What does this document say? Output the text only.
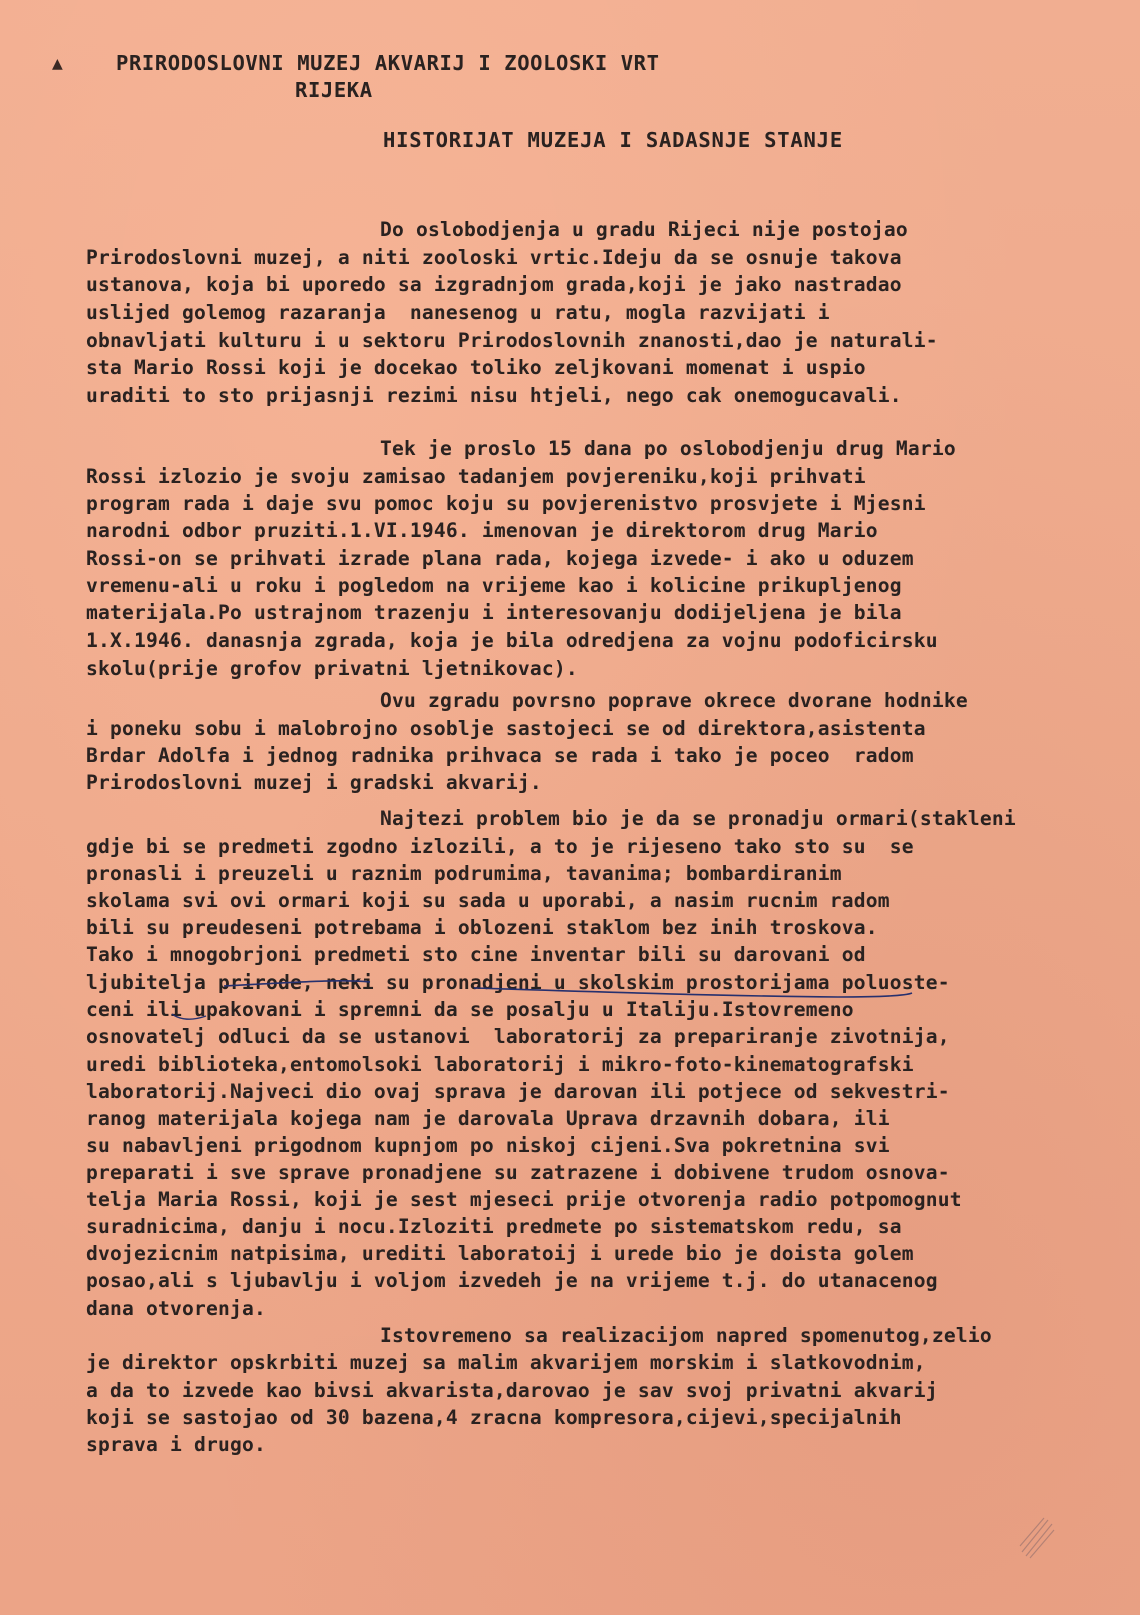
▲	PRIRODOSLOVNI MUZEJ AKVARIJ I ZOOLOSKI VRT
RIJEKA
HISTORIJAT MUZEJA I SADASNJE STANJE
Do oslobodjenja u gradu Rijeci nije postojao
Prirodoslovni muzej, a niti zooloski vrtic.Ideju da se osnuje takova
ustanova, koja bi uporedo sa izgradnjom grada,koji je jako nastradao
uslijed golemog razaranja  nanesenog u ratu, mogla razvijati i
obnavljati kulturu i u sektoru Prirodoslovnih znanosti,dao je naturali-
sta Mario Rossi koji je docekao toliko zeljkovani momenat i uspio
uraditi to sto prijasnji rezimi nisu htjeli, nego cak onemogucavali.
Tek je proslo 15 dana po oslobodjenju drug Mario
Rossi izlozio je svoju zamisao tadanjem povjereniku,koji prihvati
program rada i daje svu pomoc koju su povjerenistvo prosvjete i Mjesni
narodni odbor pruziti.1.VI.1946. imenovan je direktorom drug Mario
Rossi-on se prihvati izrade plana rada, kojega izvede- i ako u oduzem
vremenu-ali u roku i pogledom na vrijeme kao i kolicine prikupljenog
materijala.Po ustrajnom trazenju i interesovanju dodijeljena je bila
1.X.1946. danasnja zgrada, koja je bila odredjena za vojnu podoficirsku
skolu(prije grofov privatni ljetnikovac).
Ovu zgradu povrsno poprave okrece dvorane hodnike
i poneku sobu i malobrojno osoblje sastojeci se od direktora,asistenta
Brdar Adolfa i jednog radnika prihvaca se rada i tako je poceo  radom
Prirodoslovni muzej i gradski akvarij.
Najtezi problem bio je da se pronadju ormari(stakleni
gdje bi se predmeti zgodno izlozili, a to je rijeseno tako sto su  se
pronasli i preuzeli u raznim podrumima, tavanima; bombardiranim
skolama svi ovi ormari koji su sada u uporabi, a nasim rucnim radom
bili su preudeseni potrebama i oblozeni staklom bez inih troskova.
Tako i mnogobrjoni predmeti sto cine inventar bili su darovani od
ljubitelja prirode, neki su pronadjeni u skolskim prostorijama poluoste-
ceni ili upakovani i spremni da se posalju u Italiju.Istovremeno
osnovatelj odluci da se ustanovi  laboratorij za prepariranje zivotnija,
uredi biblioteka,entomolsoki laboratorij i mikro-foto-kinematografski
laboratorij.Najveci dio ovaj sprava je darovan ili potjece od sekvestri-
ranog materijala kojega nam je darovala Uprava drzavnih dobara, ili
su nabavljeni prigodnom kupnjom po niskoj cijeni.Sva pokretnina svi
preparati i sve sprave pronadjene su zatrazene i dobivene trudom osnova-
telja Maria Rossi, koji je sest mjeseci prije otvorenja radio potpomognut
suradnicima, danju i nocu.Izloziti predmete po sistematskom redu, sa
dvojezicnim natpisima, urediti laboratoij i urede bio je doista golem
posao,ali s ljubavlju i voljom izvedeh je na vrijeme t.j. do utanacenog
dana otvorenja.
Istovremeno sa realizacijom napred spomenutog,zelio
je direktor opskrbiti muzej sa malim akvarijem morskim i slatkovodnim,
a da to izvede kao bivsi akvarista,darovao je sav svoj privatni akvarij
koji se sastojao od 30 bazena,4 zracna kompresora,cijevi,specijalnih
sprava i drugo.
